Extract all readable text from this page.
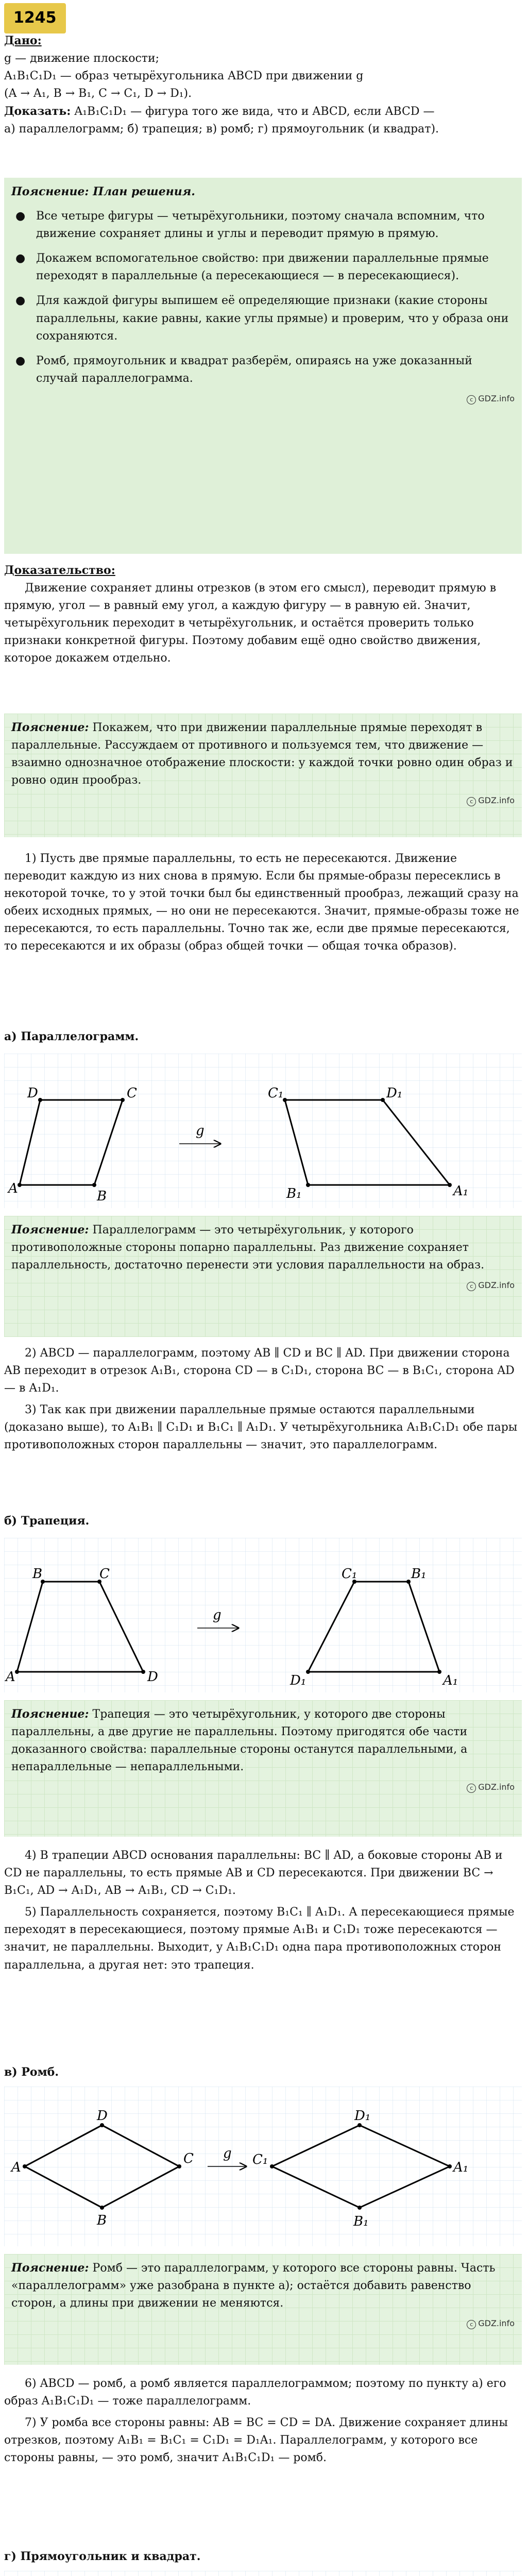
1245

Дано:

g — движение плоскости;

A₁B₁C₁D₁ — образ четырёхугольника ABCD при движении g

(A → A₁, B → B₁, C → C₁, D → D₁).

Доказать: A₁B₁C₁D₁ — фигура того же вида, что и ABCD, если ABCD —

а) параллелограмм; б) трапеция; в) ромб; г) прямоугольник (и квадрат).

Пояснение: План решения.

● Все четыре фигуры — четырёхугольники, поэтому сначала вспомним, что движение сохраняет длины и углы и переводит прямую в прямую.
● Докажем вспомогательное свойство: при движении параллельные прямые переходят в параллельные (а пересекающиеся — в пересекающиеся).
● Для каждой фигуры выпишем её определяющие признаки (какие стороны параллельны, какие равны, какие углы прямые) и проверим, что у образа они сохраняются.
● Ромб, прямоугольник и квадрат разберём, опираясь на уже доказанный случай параллелограмма.
c GDZ.info

Доказательство:

Движение сохраняет длины отрезков (в этом его смысл), переводит прямую в прямую, угол — в равный ему угол, а каждую фигуру — в равную ей. Значит, четырёхугольник переходит в четырёхугольник, и остаётся проверить только признаки конкретной фигуры. Поэтому добавим ещё одно свойство движения, которое докажем отдельно.

Пояснение: Покажем, что при движении параллельные прямые переходят в параллельные. Рассуждаем от противного и пользуемся тем, что движение — взаимно однозначное отображение плоскости: у каждой точки ровно один образ и ровно один прообраз.

c GDZ.info

1) Пусть две прямые параллельны, то есть не пересекаются. Движение переводит каждую из них снова в прямую. Если бы прямые-образы пересеклись в некоторой точке, то у этой точки был бы единственный прообраз, лежащий сразу на обеих исходных прямых, — но они не пересекаются. Значит, прямые-образы тоже не пересекаются, то есть параллельны. Точно так же, если две прямые пересекаются, то пересекаются и их образы (образ общей точки — общая точка образов).

а) Параллелограмм.
A
D	C
B
g
C₁	D₁
A₁
B₁

Пояснение: Параллелограмм — это четырёхугольник, у которого противоположные стороны попарно параллельны. Раз движение сохраняет параллельность, достаточно перенести эти условия параллельности на образ.

c GDZ.info

2) ABCD — параллелограмм, поэтому AB ∥ CD и BC ∥ AD. При движении сторона AB переходит в отрезок A₁B₁, сторона CD — в C₁D₁, сторона BC — в B₁C₁, сторона AD — в A₁D₁.

3) Так как при движении параллельные прямые остаются параллельными (доказано выше), то A₁B₁ ∥ C₁D₁ и B₁C₁ ∥ A₁D₁. У четырёхугольника A₁B₁C₁D₁ обе пары противоположных сторон параллельны — значит, это параллелограмм.

б) Трапеция.
A
B	C
D
g
D₁
C₁	B₁
A₁

Пояснение: Трапеция — это четырёхугольник, у которого две стороны параллельны, а две другие не параллельны. Поэтому пригодятся обе части доказанного свойства: параллельные стороны останутся параллельными, а непараллельные — непараллельными.

c GDZ.info

4) В трапеции ABCD основания параллельны: BC ∥ AD, а боковые стороны AB и CD не параллельны, то есть прямые AB и CD пересекаются. При движении BC → B₁C₁, AD → A₁D₁, AB → A₁B₁, CD → C₁D₁.

5) Параллельность сохраняется, поэтому B₁C₁ ∥ A₁D₁. А пересекающиеся прямые переходят в пересекающиеся, поэтому прямые A₁B₁ и C₁D₁ тоже пересекаются — значит, не параллельны. Выходит, у A₁B₁C₁D₁ одна пара противоположных сторон параллельна, а другая нет: это трапеция.

в) Ромб.
A
D
C
B
g C₁
D₁
A₁
B₁

Пояснение: Ромб — это параллелограмм, у которого все стороны равны. Часть «параллелограмм» уже разобрана в пункте а); остаётся добавить равенство сторон, а длины при движении не меняются.

c GDZ.info

6) ABCD — ромб, а ромб является параллелограммом; поэтому по пункту а) его образ A₁B₁C₁D₁ — тоже параллелограмм.

7) У ромба все стороны равны: AB = BC = CD = DA. Движение сохраняет длины отрезков, поэтому A₁B₁ = B₁C₁ = C₁D₁ = D₁A₁. Параллелограмм, у которого все стороны равны, — это ромб, значит A₁B₁C₁D₁ — ромб.

г) Прямоугольник и квадрат.
